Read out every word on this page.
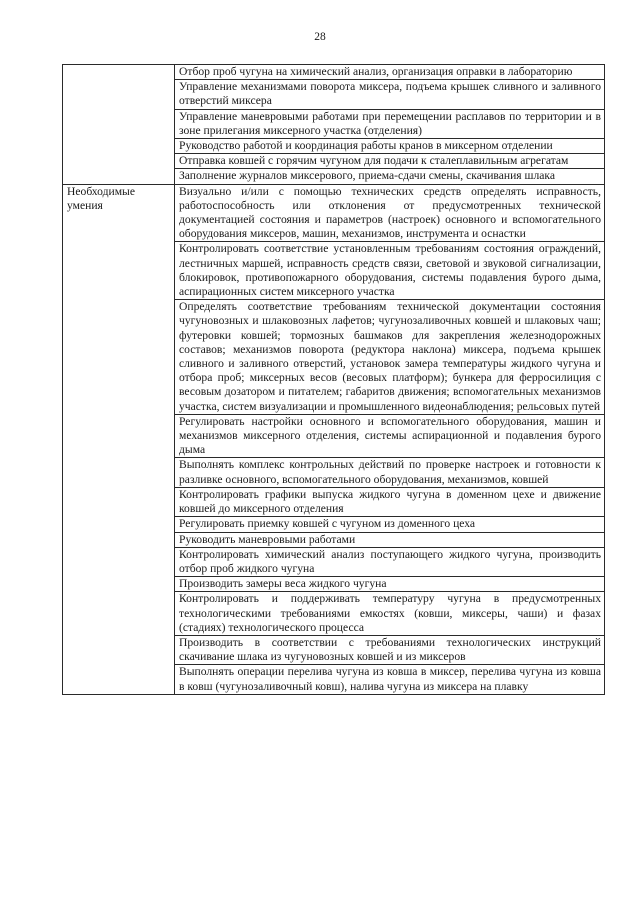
28
	Отбор проб чугуна на химический анализ, организация оправки в лабораторию
	Управление механизмами поворота миксера, подъема крышек сливного и заливного отверстий миксера
	Управление маневровыми работами при перемещении расплавов по территории и в зоне прилегания миксерного участка (отделения)
	Руководство работой и координация работы кранов в миксерном отделении
	Отправка ковшей с горячим чугуном для подачи к сталеплавильным агрегатам
	Заполнение журналов миксерового, приема-сдачи смены, скачивания шлака
Необходимые умения	Визуально и/или с помощью технических средств определять исправность, работоспособность или отклонения от предусмотренных технической документацией состояния и параметров (настроек) основного и вспомогательного оборудования миксеров, машин, механизмов, инструмента и оснастки
	Контролировать соответствие установленным требованиям состояния ограждений, лестничных маршей, исправность средств связи, световой и звуковой сигнализации, блокировок, противопожарного оборудования, системы подавления бурого дыма, аспирационных систем миксерного участка
	Определять соответствие требованиям технической документации состояния чугуновозных и шлаковозных лафетов; чугунозаливочных ковшей и шлаковых чаш; футеровки ковшей; тормозных башмаков для закрепления железнодорожных составов; механизмов поворота (редуктора наклона) миксера, подъема крышек сливного и заливного отверстий, установок замера температуры жидкого чугуна и отбора проб; миксерных весов (весовых платформ); бункера для ферросилиция с весовым дозатором и питателем; габаритов движения; вспомогательных механизмов участка, систем визуализации и промышленного видеонаблюдения; рельсовых путей
	Регулировать настройки основного и вспомогательного оборудования, машин и механизмов миксерного отделения, системы аспирационной и подавления бурого дыма
	Выполнять комплекс контрольных действий по проверке настроек и готовности к разливке основного, вспомогательного оборудования, механизмов, ковшей
	Контролировать графики выпуска жидкого чугуна в доменном цехе и движение ковшей до миксерного отделения
	Регулировать приемку ковшей с чугуном из доменного цеха
	Руководить маневровыми работами
	Контролировать химический анализ поступающего жидкого чугуна, производить отбор проб жидкого чугуна
	Производить замеры веса жидкого чугуна
	Контролировать и поддерживать температуру чугуна в предусмотренных технологическими требованиями емкостях (ковши, миксеры, чаши) и фазах (стадиях) технологического процесса
	Производить в соответствии с требованиями технологических инструкций скачивание шлака из чугуновозных ковшей и из миксеров
	Выполнять операции перелива чугуна из ковша в миксер, перелива чугуна из ковша в ковш (чугунозаливочный ковш), налива чугуна из миксера на плавку
